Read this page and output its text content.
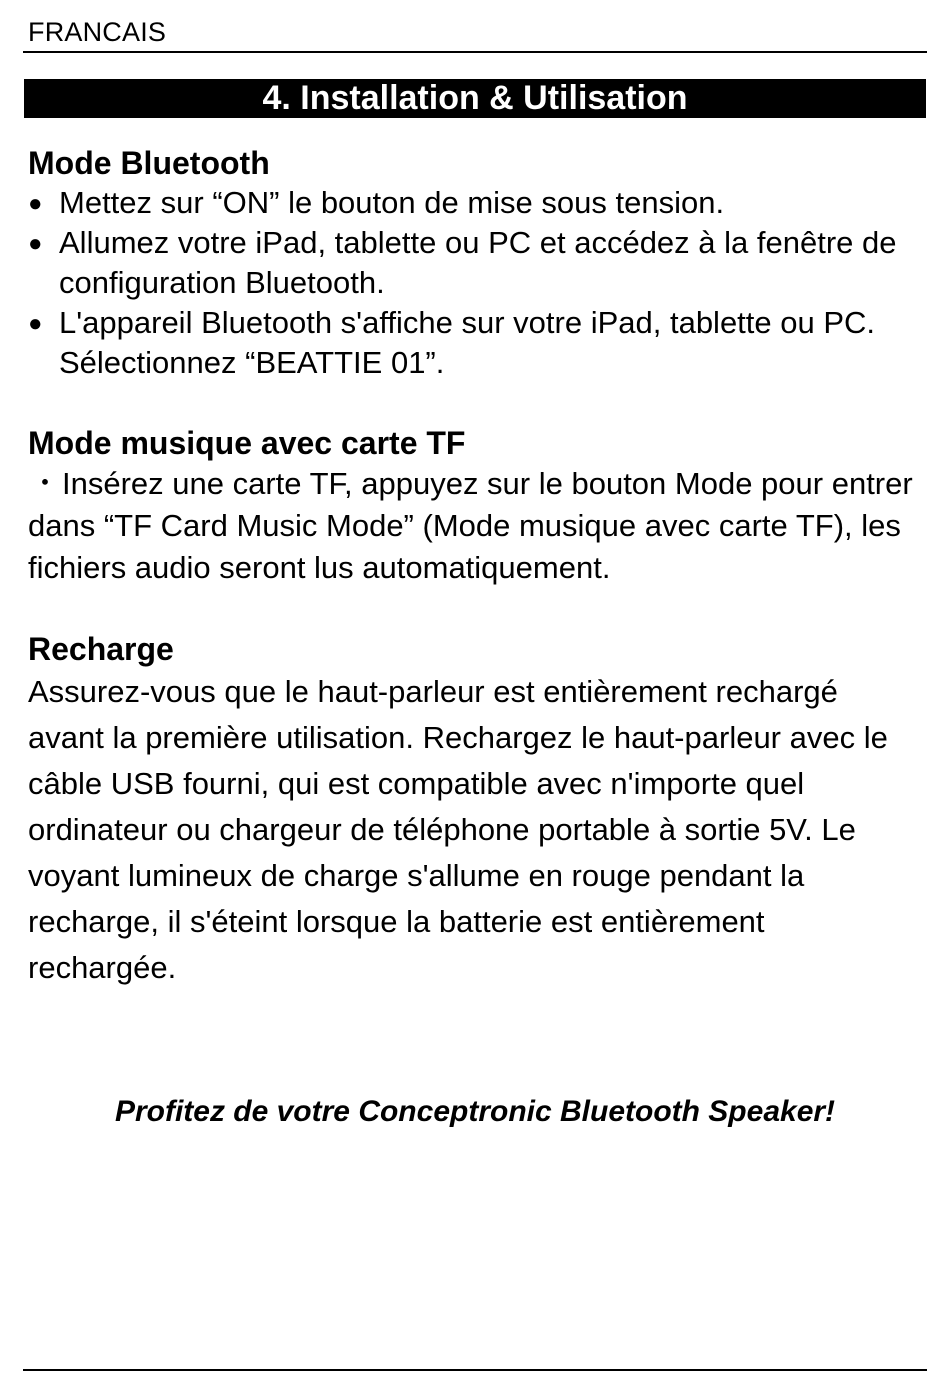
FRANCAIS
4. Installation & Utilisation
Mode Bluetooth
● Mettez sur “ON” le bouton de mise sous tension.
● Allumez votre iPad, tablette ou PC et accédez à la fenêtre de configuration Bluetooth.
● L'appareil Bluetooth s'affiche sur votre iPad, tablette ou PC. Sélectionnez “BEATTIE 01”.
Mode musique avec carte TF

・Insérez une carte TF, appuyez sur le bouton Mode pour entrer dans “TF Card Music Mode” (Mode musique avec carte TF), les fichiers audio seront lus automatiquement.

Recharge

Assurez-vous que le haut-parleur est entièrement rechargé avant la première utilisation. Rechargez le haut-parleur avec le câble USB fourni, qui est compatible avec n'importe quel ordinateur ou chargeur de téléphone portable à sortie 5V. Le voyant lumineux de charge s'allume en rouge pendant la recharge, il s'éteint lorsque la batterie est entièrement rechargée.

Profitez de votre Conceptronic Bluetooth Speaker!
